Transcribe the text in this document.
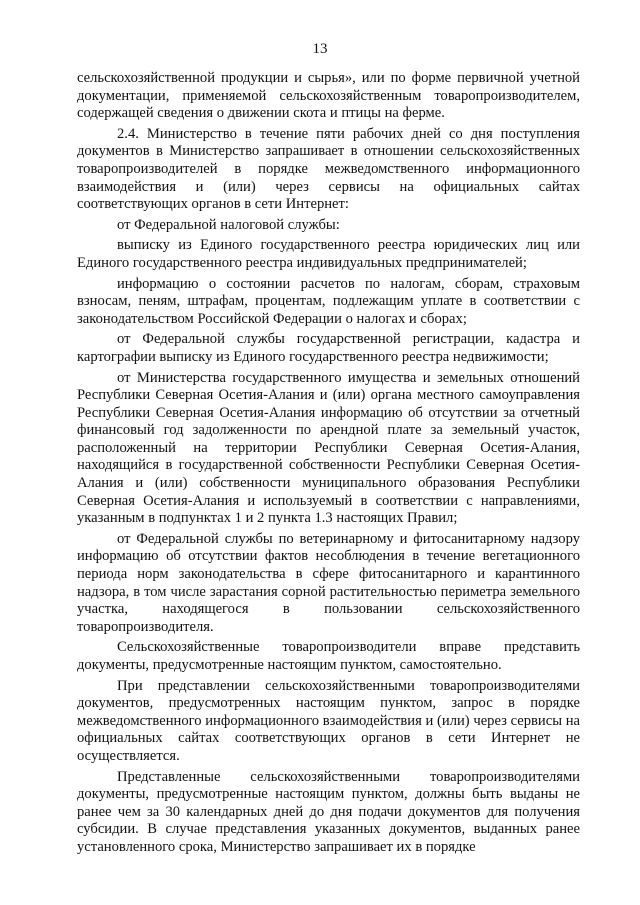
13

сельскохозяйственной продукции и сырья», или по форме первичной учетной документации, применяемой сельскохозяйственным товаропроизводителем, содержащей сведения о движении скота и птицы на ферме.

2.4. Министерство в течение пяти рабочих дней со дня поступления документов в Министерство запрашивает в отношении сельскохозяйственных товаропроизводителей в порядке межведомственного информационного взаимодействия и (или) через сервисы на официальных сайтах соответствующих органов в сети Интернет:

от Федеральной налоговой службы:

выписку из Единого государственного реестра юридических лиц или Единого государственного реестра индивидуальных предпринимателей;

информацию о состоянии расчетов по налогам, сборам, страховым взносам, пеням, штрафам, процентам, подлежащим уплате в соответствии с законодательством Российской Федерации о налогах и сборах;

от Федеральной службы государственной регистрации, кадастра и картографии выписку из Единого государственного реестра недвижимости;

от Министерства государственного имущества и земельных отношений Республики Северная Осетия-Алания и (или) органа местного самоуправления Республики Северная Осетия-Алания информацию об отсутствии за отчетный финансовый год задолженности по арендной плате за земельный участок, расположенный на территории Республики Северная Осетия-Алания, находящийся в государственной собственности Республики Северная Осетия-Алания и (или) собственности муниципального образования Республики Северная Осетия-Алания и используемый в соответствии с направлениями, указанным в подпунктах 1 и 2 пункта 1.3 настоящих Правил;

от Федеральной службы по ветеринарному и фитосанитарному надзору информацию об отсутствии фактов несоблюдения в течение вегетационного периода норм законодательства в сфере фитосанитарного и карантинного надзора, в том числе зарастания сорной растительностью периметра земельного участка, находящегося в пользовании сельскохозяйственного товаропроизводителя.

Сельскохозяйственные товаропроизводители вправе представить документы, предусмотренные настоящим пунктом, самостоятельно.

При представлении сельскохозяйственными товаропроизводителями документов, предусмотренных настоящим пунктом, запрос в порядке межведомственного информационного взаимодействия и (или) через сервисы на официальных сайтах соответствующих органов в сети Интернет не осуществляется.

Представленные сельскохозяйственными товаропроизводителями документы, предусмотренные настоящим пунктом, должны быть выданы не ранее чем за 30 календарных дней до дня подачи документов для получения субсидии. В случае представления указанных документов, выданных ранее установленного срока, Министерство запрашивает их в порядке
